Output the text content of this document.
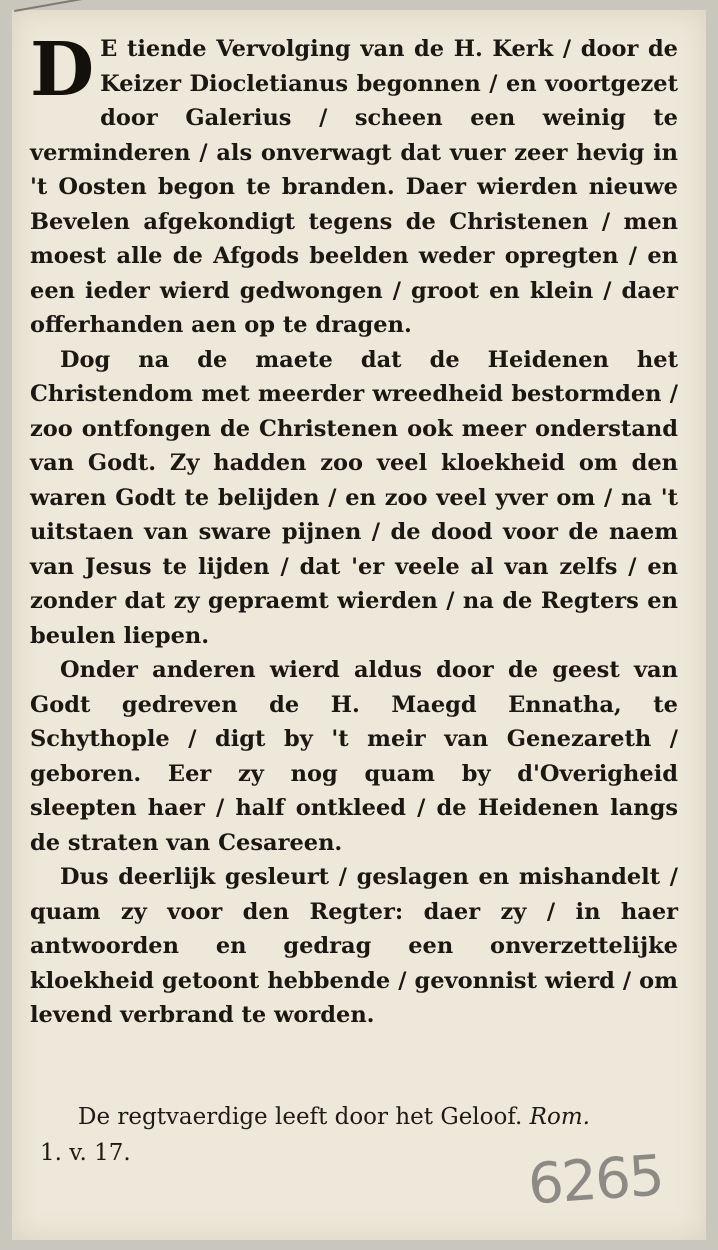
D E tiende Vervolging van de H. Kerk / door de Keizer Diocletianus begonnen / en voortgezet door Galerius / scheen een weinig te verminderen / als onverwagt dat vuer zeer hevig in 't Oosten begon te branden. Daer wierden nieuwe Bevelen afgekondigt tegens de Christenen / men moest alle de Afgods beelden weder opregten / en een ieder wierd gedwongen / groot en klein / daer offerhanden aen op te dragen.

Dog na de maete dat de Heidenen het Christendom met meerder wreedheid bestormden / zoo ontfongen de Christenen ook meer onderstand van Godt. Zy hadden zoo veel kloekheid om den waren Godt te belijden / en zoo veel yver om / na 't uitstaen van sware pijnen / de dood voor de naem van Jesus te lijden / dat 'er veele al van zelfs / en zonder dat zy gepraemt wierden / na de Regters en beulen liepen.

Onder anderen wierd aldus door de geest van Godt gedreven de H. Maegd Ennatha, te Schythople / digt by 't meir van Genezareth / geboren. Eer zy nog quam by d'Overigheid sleepten haer / half ontkleed / de Heidenen langs de straten van Cesareen.

Dus deerlijk gesleurt / geslagen en mishandelt / quam zy voor den Regter: daer zy / in haer antwoorden en gedrag een onverzettelijke kloekheid getoont hebbende / gevonnist wierd / om levend verbrand te worden.

De regtvaerdige leeft door het Geloof. Rom.
1. v. 17.	6265
